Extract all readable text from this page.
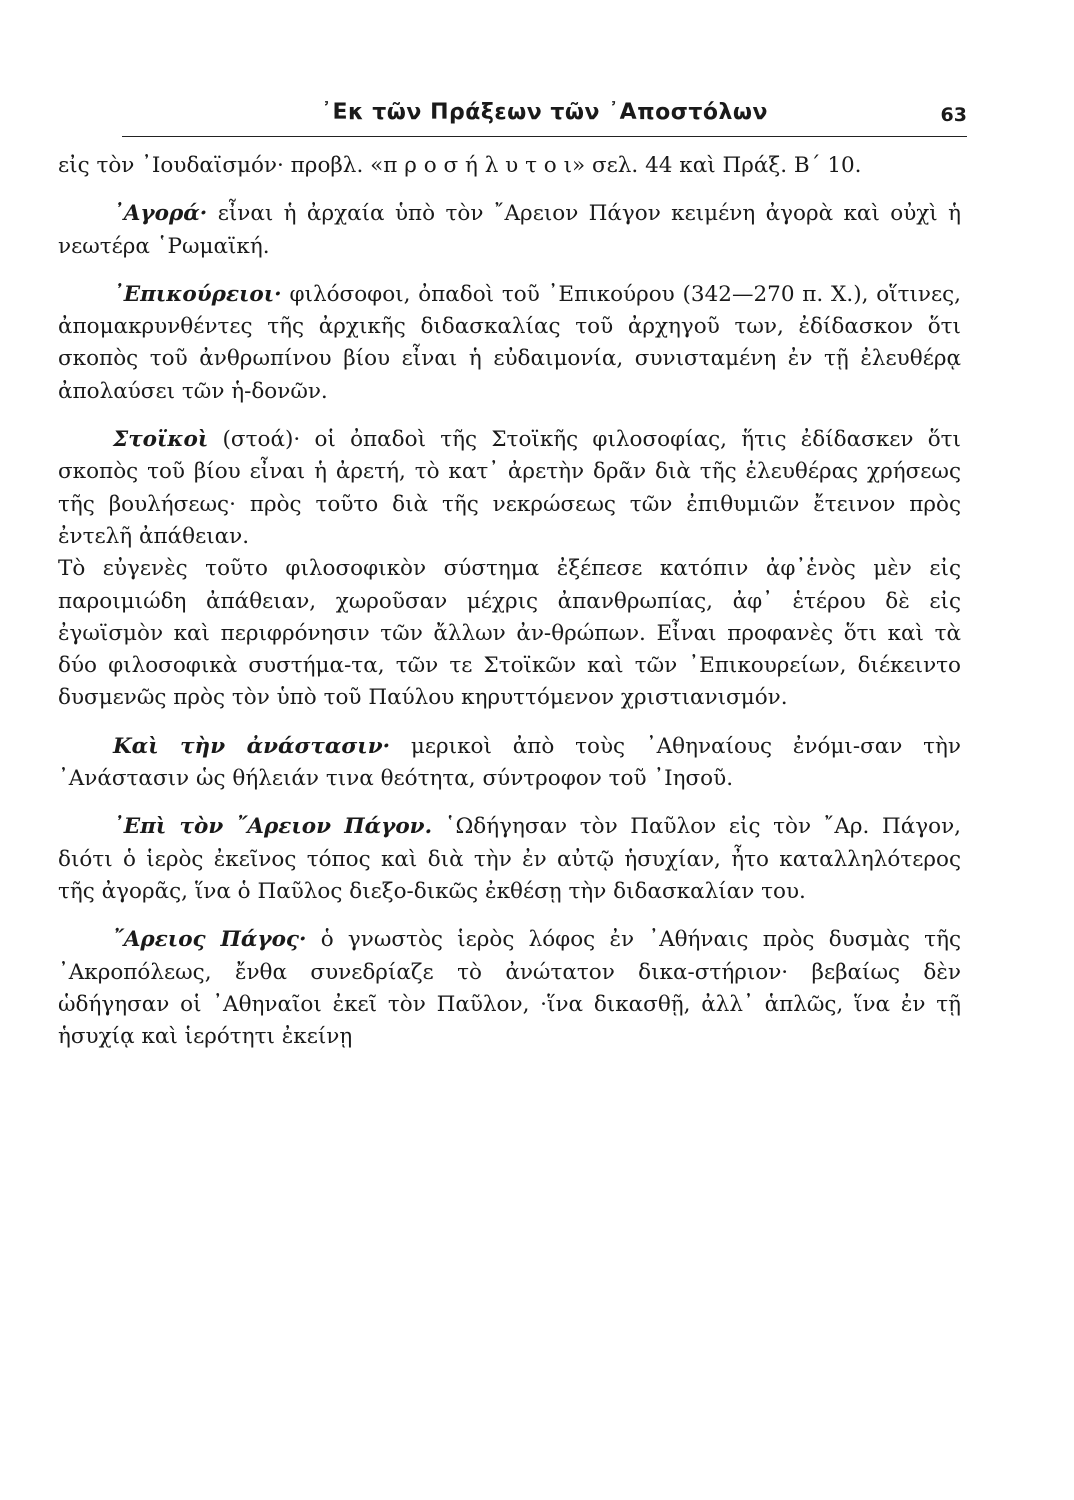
᾿Εκ τῶν Πράξεων τῶν ᾿Αποστόλων	63

εἰς τὸν ᾿Ιουδαϊσμόν· προβλ. «π ρ ο σ ή λ υ τ ο ι» σελ. 44 καὶ Πράξ. Β΄ 10.

᾿Αγορά· εἶναι ἡ ἀρχαία ὑπὸ τὸν ῎Αρειον Πάγον κειμένη ἀγορὰ καὶ οὐχὶ ἡ νεωτέρα ῾Ρωμαϊκή.

᾿Επικούρειοι· φιλόσοφοι, ὀπαδοὶ τοῦ ᾿Επικούρου (342—270 π. Χ.), οἵτινες, ἀπομακρυνθέντες τῆς ἀρχικῆς διδασκαλίας τοῦ ἀρχηγοῦ των, ἐδίδασκον ὅτι σκοπὸς τοῦ ἀνθρωπίνου βίου εἶναι ἡ εὐδαιμονία, συνισταμένη ἐν τῇ ἐλευθέρᾳ ἀπολαύσει τῶν ἡ-δονῶν.

Στοϊκοὶ (στοά)· οἱ ὀπαδοὶ τῆς Στοϊκῆς φιλοσοφίας, ἥτις ἐδίδασκεν ὅτι σκοπὸς τοῦ βίου εἶναι ἡ ἀρετή, τὸ κατ᾿ ἀρετὴν δρᾶν διὰ τῆς ἐλευθέρας χρήσεως τῆς βουλήσεως· πρὸς τοῦτο διὰ τῆς νεκρώσεως τῶν ἐπιθυμιῶν ἔτεινον πρὸς ἐντελῆ ἀπάθειαν.

Τὸ εὐγενὲς τοῦτο φιλοσοφικὸν σύστημα ἐξέπεσε κατόπιν ἀφ᾿ἑνὸς μὲν εἰς παροιμιώδη ἀπάθειαν, χωροῦσαν μέχρις ἀπανθρωπίας, ἀφ᾿ ἑτέρου δὲ εἰς ἐγωϊσμὸν καὶ περιφρόνησιν τῶν ἄλλων ἀν-θρώπων. Εἶναι προφανὲς ὅτι καὶ τὰ δύο φιλοσοφικὰ συστήμα-τα, τῶν τε Στοϊκῶν καὶ τῶν ᾿Επικουρείων, διέκειντο δυσμενῶς πρὸς τὸν ὑπὸ τοῦ Παύλου κηρυττόμενον χριστιανισμόν.

Καὶ τὴν ἀνάστασιν· μερικοὶ ἀπὸ τοὺς ᾿Αθηναίους ἐνόμι-σαν τὴν ᾿Ανάστασιν ὡς θήλειάν τινα θεότητα, σύντροφον τοῦ ᾿Ιησοῦ.

᾿Επὶ τὸν ῎Αρειον Πάγον. ῾Ωδήγησαν τὸν Παῦλον εἰς τὸν ῎Αρ. Πάγον, διότι ὁ ἱερὸς ἐκεῖνος τόπος καὶ διὰ τὴν ἐν αὐτῷ ἡσυχίαν, ἦτο καταλληλότερος τῆς ἀγορᾶς, ἵνα ὁ Παῦλος διεξο-δικῶς ἐκθέσῃ τὴν διδασκαλίαν του.

῎Αρειος Πάγος· ὁ γνωστὸς ἱερὸς λόφος ἐν ᾿Αθήναις πρὸς δυσμὰς τῆς ᾿Ακροπόλεως, ἔνθα συνεδρίαζε τὸ ἀνώτατον δικα-στήριον· βεβαίως δὲν ὡδήγησαν οἱ ᾿Αθηναῖοι ἐκεῖ τὸν Παῦλον, ·ἵνα δικασθῇ, ἀλλ᾿ ἁπλῶς, ἵνα ἐν τῇ ἡσυχίᾳ καὶ ἱερότητι ἐκείνῃ
